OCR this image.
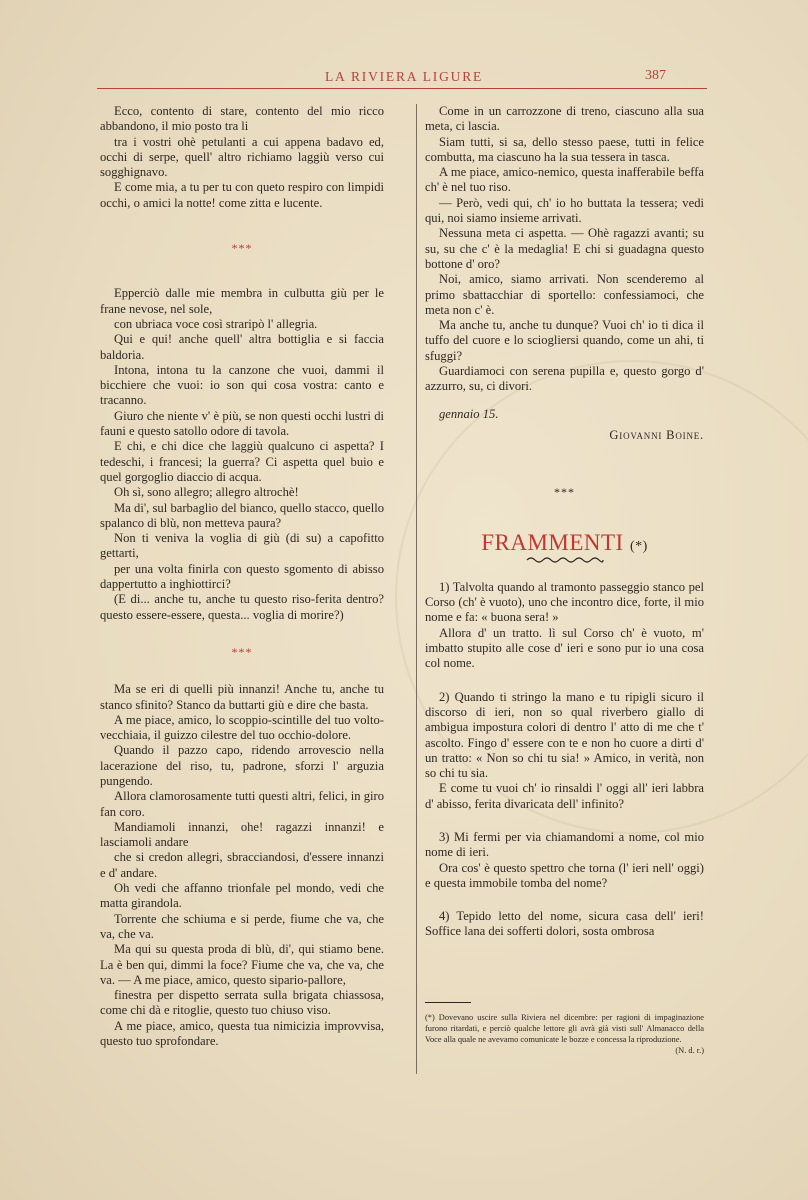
LA RIVIERA LIGURE	387

Ecco, contento di stare, contento del mio ricco abbandono, il mio posto tra li

tra i vostri ohè petulanti a cui appena badavo ed, occhi di serpe, quell' altro richiamo laggiù verso cui sogghignavo.

E come mia, a tu per tu con queto respiro con limpidi occhi, o amici la notte! come zitta e lucente.

***

Epperciò dalle mie membra in culbutta giù per le frane nevose, nel sole,

con ubriaca voce così straripò l' allegria.

Qui e qui! anche quell' altra bottiglia e si faccia baldoria.

Intona, intona tu la canzone che vuoi, dammi il bicchiere che vuoi: io son qui cosa vostra: canto e tracanno.

Giuro che niente v' è più, se non questi occhi lustri di fauni e questo satollo odore di tavola.

E chi, e chi dice che laggiù qualcuno ci aspetta? I tedeschi, i francesi; la guerra? Ci aspetta quel buio e quel gorgoglio diaccio di acqua.

Oh sì, sono allegro; allegro altrochè!

Ma di', sul barbaglio del bianco, quello stacco, quello spalanco di blù, non metteva paura?

Non ti veniva la voglia di giù (di su) a capofitto gettarti,

per una volta finirla con questo sgomento di abisso dappertutto a inghiottirci?

(E di... anche tu, anche tu questo riso-ferita dentro? questo essere-essere, questa... voglia di morire?)

***

Ma se eri di quelli più innanzi! Anche tu, anche tu stanco sfinito? Stanco da buttarti giù e dire che basta.

A me piace, amico, lo scoppio-scintille del tuo volto-vecchiaia, il guizzo cilestre del tuo occhio-dolore.

Quando il pazzo capo, ridendo arrovescio nella lacerazione del riso, tu, padrone, sforzi l' arguzia pungendo.

Allora clamorosamente tutti questi altri, felici, in giro fan coro.

Mandiamoli innanzi, ohe! ragazzi innanzi! e lasciamoli andare

che si credon allegri, sbracciandosi, d'essere innanzi e d' andare.

Oh vedi che affanno trionfale pel mondo, vedi che matta girandola.

Torrente che schiuma e si perde, fiume che va, che va, che va.

Ma qui su questa proda di blù, di', qui stiamo bene. La è ben qui, dimmi la foce? Fiume che va, che va, che va. — A me piace, amico, questo sipario-pallore,

finestra per dispetto serrata sulla brigata chiassosa, come chi dà e ritoglie, questo tuo chiuso viso.

A me piace, amico, questa tua nimicizia improvvisa, questo tuo sprofondare.

Come in un carrozzone di treno, ciascuno alla sua meta, ci lascia.

Siam tutti, si sa, dello stesso paese, tutti in felice combutta, ma ciascuno ha la sua tessera in tasca.

A me piace, amico-nemico, questa inafferabile beffa ch' è nel tuo riso.

— Però, vedi qui, ch' io ho buttata la tessera; vedi qui, noi siamo insieme arrivati.

Nessuna meta ci aspetta. — Ohè ragazzi avanti; su su, su che c' è la medaglia! E chi si guadagna questo bottone d' oro?

Noi, amico, siamo arrivati. Non scenderemo al primo sbattacchiar di sportello: confessiamoci, che meta non c' è.

Ma anche tu, anche tu dunque? Vuoi ch' io ti dica il tuffo del cuore e lo sciogliersi quando, come un ahi, ti sfuggi?

Guardiamoci con serena pupilla e, questo gorgo d' azzurro, su, ci divori.

gennaio 15.

Giovanni Boine.
***
FRAMMENTI (*)

1) Talvolta quando al tramonto passeggio stanco pel Corso (ch' è vuoto), uno che incontro dice, forte, il mio nome e fa: « buona sera! »

Allora d' un tratto. lì sul Corso ch' è vuoto, m' imbatto stupito alle cose d' ieri e sono pur io una cosa col nome.

2) Quando ti stringo la mano e tu ripigli sicuro il discorso di ieri, non so qual riverbero giallo di ambigua impostura colori di dentro l' atto di me che t' ascolto. Fingo d' essere con te e non ho cuore a dirti d' un tratto: « Non so chi tu sia! » Amico, in verità, non so chi tu sia.

E come tu vuoi ch' io rinsaldi l' oggi all' ieri labbra d' abisso, ferita divaricata dell' infinito?

3) Mi fermi per via chiamandomi a nome, col mio nome di ieri.

Ora cos' è questo spettro che torna (l' ieri nell' oggi) e questa immobile tomba del nome?

4) Tepido letto del nome, sicura casa dell' ieri! Soffice lana dei sofferti dolori, sosta ombrosa

(*) Dovevano uscire sulla Riviera nel dicembre: per ragioni di impaginazione furono ritardati, e perciò qualche lettore gli avrà già visti sull' Almanacco della Voce alla quale ne avevamo comunicate le bozze e concessa la riproduzione.
(N. d. r.)
